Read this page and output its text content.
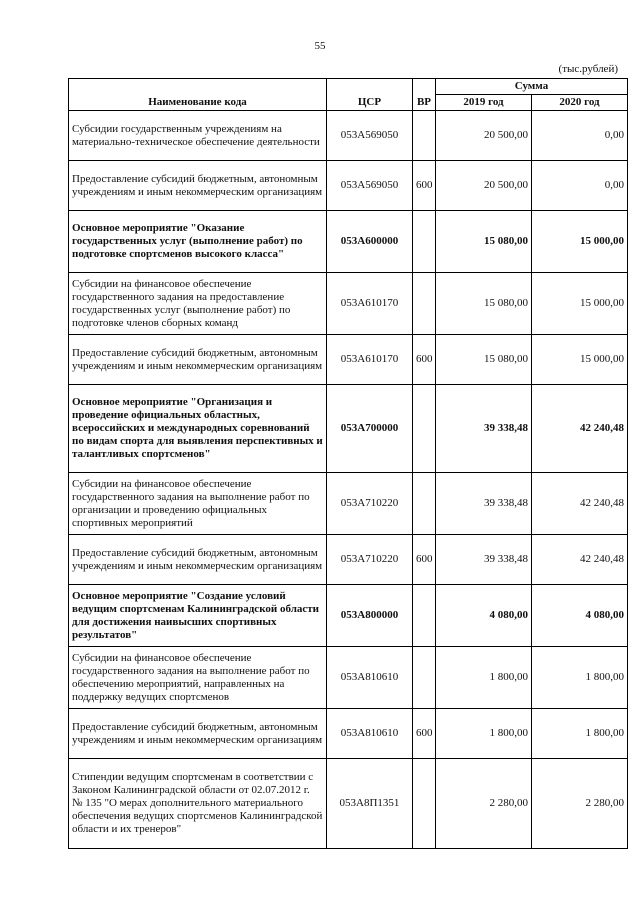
55
(тыс.рублей)
Наименование кода	ЦСР	ВР	Сумма	
			2019 год	2020 год
Субсидии государственным учреждениям на материально-техническое обеспечение деятельности	053А569050		20 500,00	0,00
Предоставление субсидий бюджетным, автономным учреждениям и иным некоммерческим организациям	053А569050	600	20 500,00	0,00
Основное мероприятие "Оказание государственных услуг (выполнение работ) по подготовке спортсменов высокого класса"	053А600000		15 080,00	15 000,00
Субсидии на финансовое обеспечение государственного задания на предоставление государственных услуг (выполнение работ) по подготовке членов сборных команд	053А610170		15 080,00	15 000,00
Предоставление субсидий бюджетным, автономным учреждениям и иным некоммерческим организациям	053А610170	600	15 080,00	15 000,00
Основное мероприятие "Организация и проведение официальных областных, всероссийских и международных соревнований по видам спорта для выявления перспективных и талантливых спортсменов"	053А700000		39 338,48	42 240,48
Субсидии на финансовое обеспечение государственного задания на выполнение работ по организации и проведению официальных спортивных мероприятий	053А710220		39 338,48	42 240,48
Предоставление субсидий бюджетным, автономным учреждениям и иным некоммерческим организациям	053А710220	600	39 338,48	42 240,48
Основное мероприятие "Создание условий ведущим спортсменам Калининградской области для достижения наивысших спортивных результатов"	053А800000		4 080,00	4 080,00
Субсидии на финансовое обеспечение государственного задания на выполнение работ по обеспечению мероприятий, направленных на поддержку ведущих спортсменов	053А810610		1 800,00	1 800,00
Предоставление субсидий бюджетным, автономным учреждениям и иным некоммерческим организациям	053А810610	600	1 800,00	1 800,00
Стипендии ведущим спортсменам в соответствии с Законом Калининградской области от 02.07.2012 г. № 135 "О мерах дополнительного материального обеспечения ведущих спортсменов Калининградской области и их тренеров"	053А8П1351		2 280,00	2 280,00
